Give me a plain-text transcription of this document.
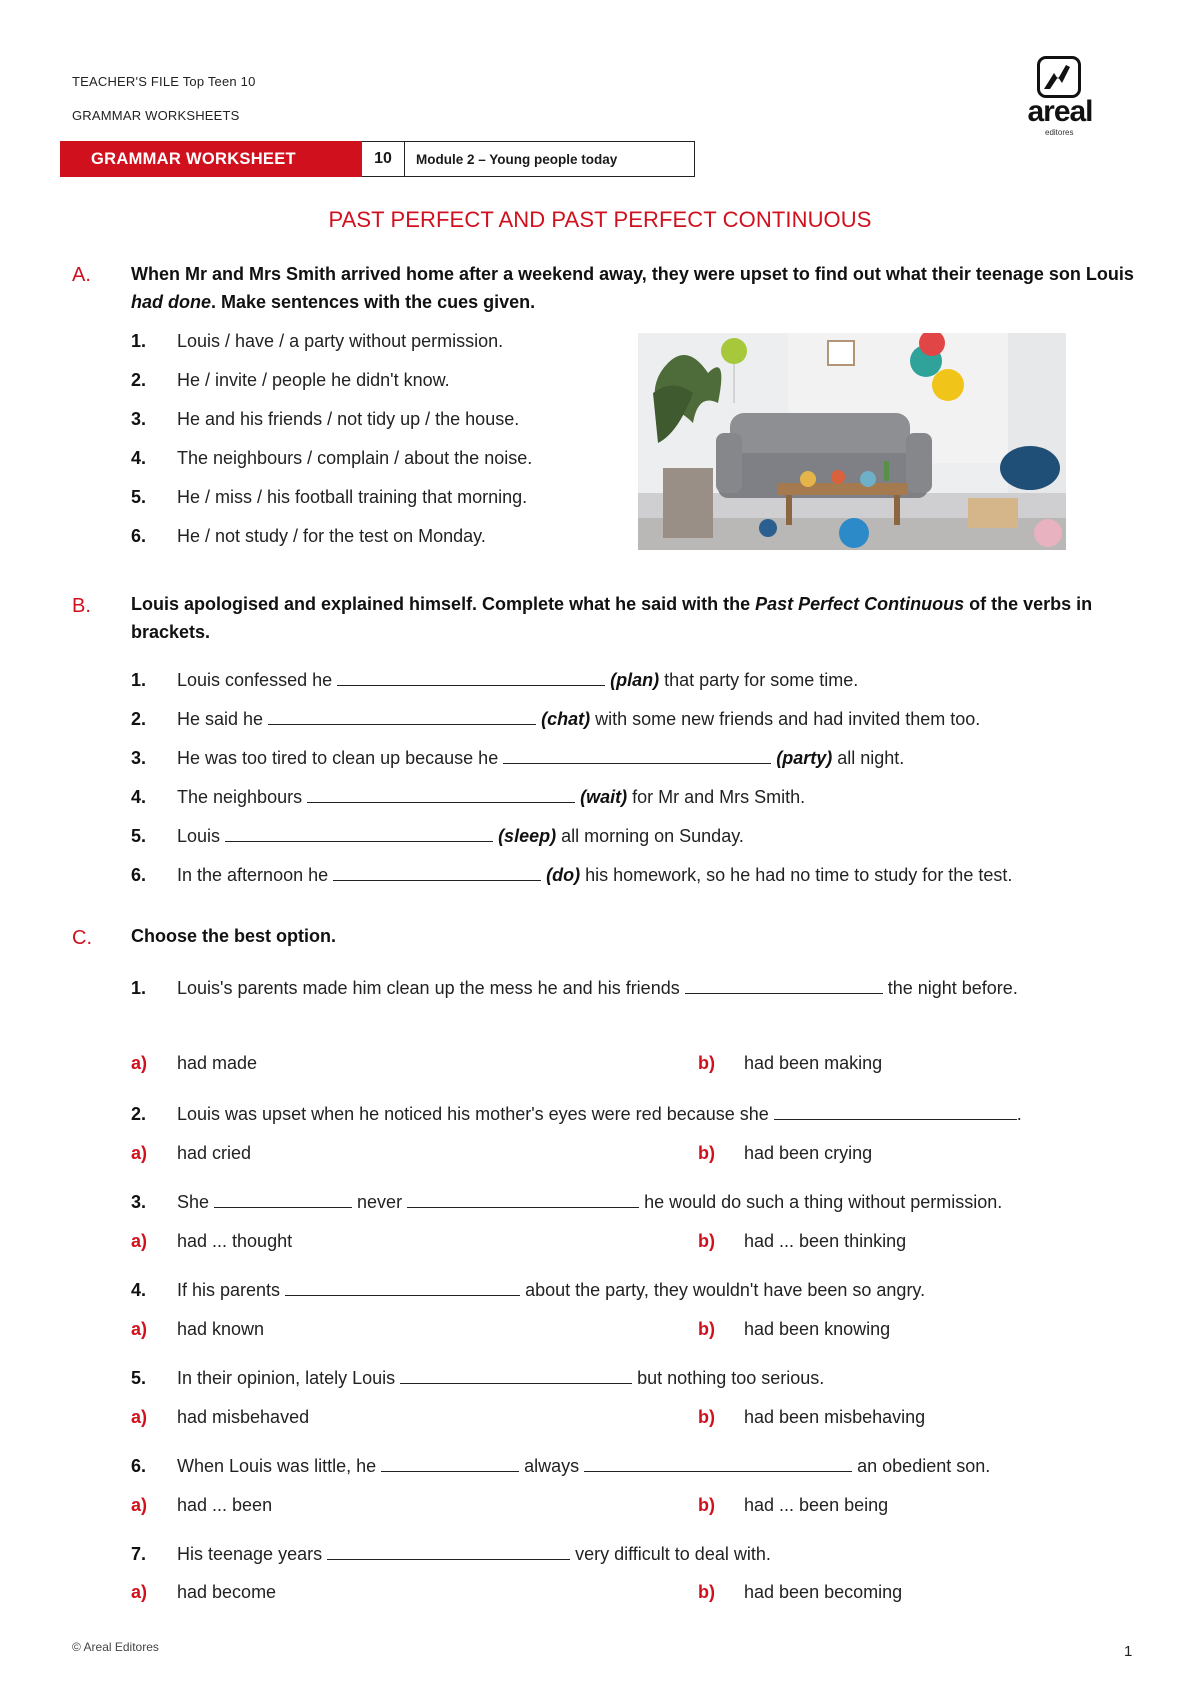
TEACHER'S FILE Top Teen 10
GRAMMAR WORKSHEETS	areal
editores
GRAMMAR WORKSHEET	10	Module 2 – Young people today
PAST PERFECT AND PAST PERFECT CONTINUOUS
A. When Mr and Mrs Smith arrived home after a weekend away, they were upset to find out what their teenage son Louis had done. Make sentences with the cues given.
1. Louis / have / a party without permission.
2. He / invite / people he didn't know.
3. He and his friends / not tidy up / the house.
4. The neighbours / complain / about the noise.
5. He / miss / his football training that morning.
6. He / not study / for the test on Monday.
B. Louis apologised and explained himself. Complete what he said with the Past Perfect Continuous of the verbs in brackets.
1. Louis confessed he	(plan) that party for some time.
2. He said he	(chat) with some new friends and had invited them too.
3. He was too tired to clean up because he	(party) all night.
4. The neighbours	(wait) for Mr and Mrs Smith.
5. Louis	(sleep) all morning on Sunday.
6. In the afternoon he	(do) his homework, so he had no time to study for the test.
C. Choose the best option.
1. Louis's parents made him clean up the mess he and his friends	the night before.
a) had made	b) had been making
2. Louis was upset when he noticed his mother's eyes were red because she	.
a) had cried	b) had been crying
3. She	never	he would do such a thing without permission.
a) had ... thought	b) had ... been thinking
4. If his parents	about the party, they wouldn't have been so angry.
a) had known	b) had been knowing
5. In their opinion, lately Louis	but nothing too serious.
a) had misbehaved	b) had been misbehaving
6. When Louis was little, he	always	an obedient son.
a) had ... been	b) had ... been being
7. His teenage years	very difficult to deal with.
a) had become	b) had been becoming
© Areal Editores	1
